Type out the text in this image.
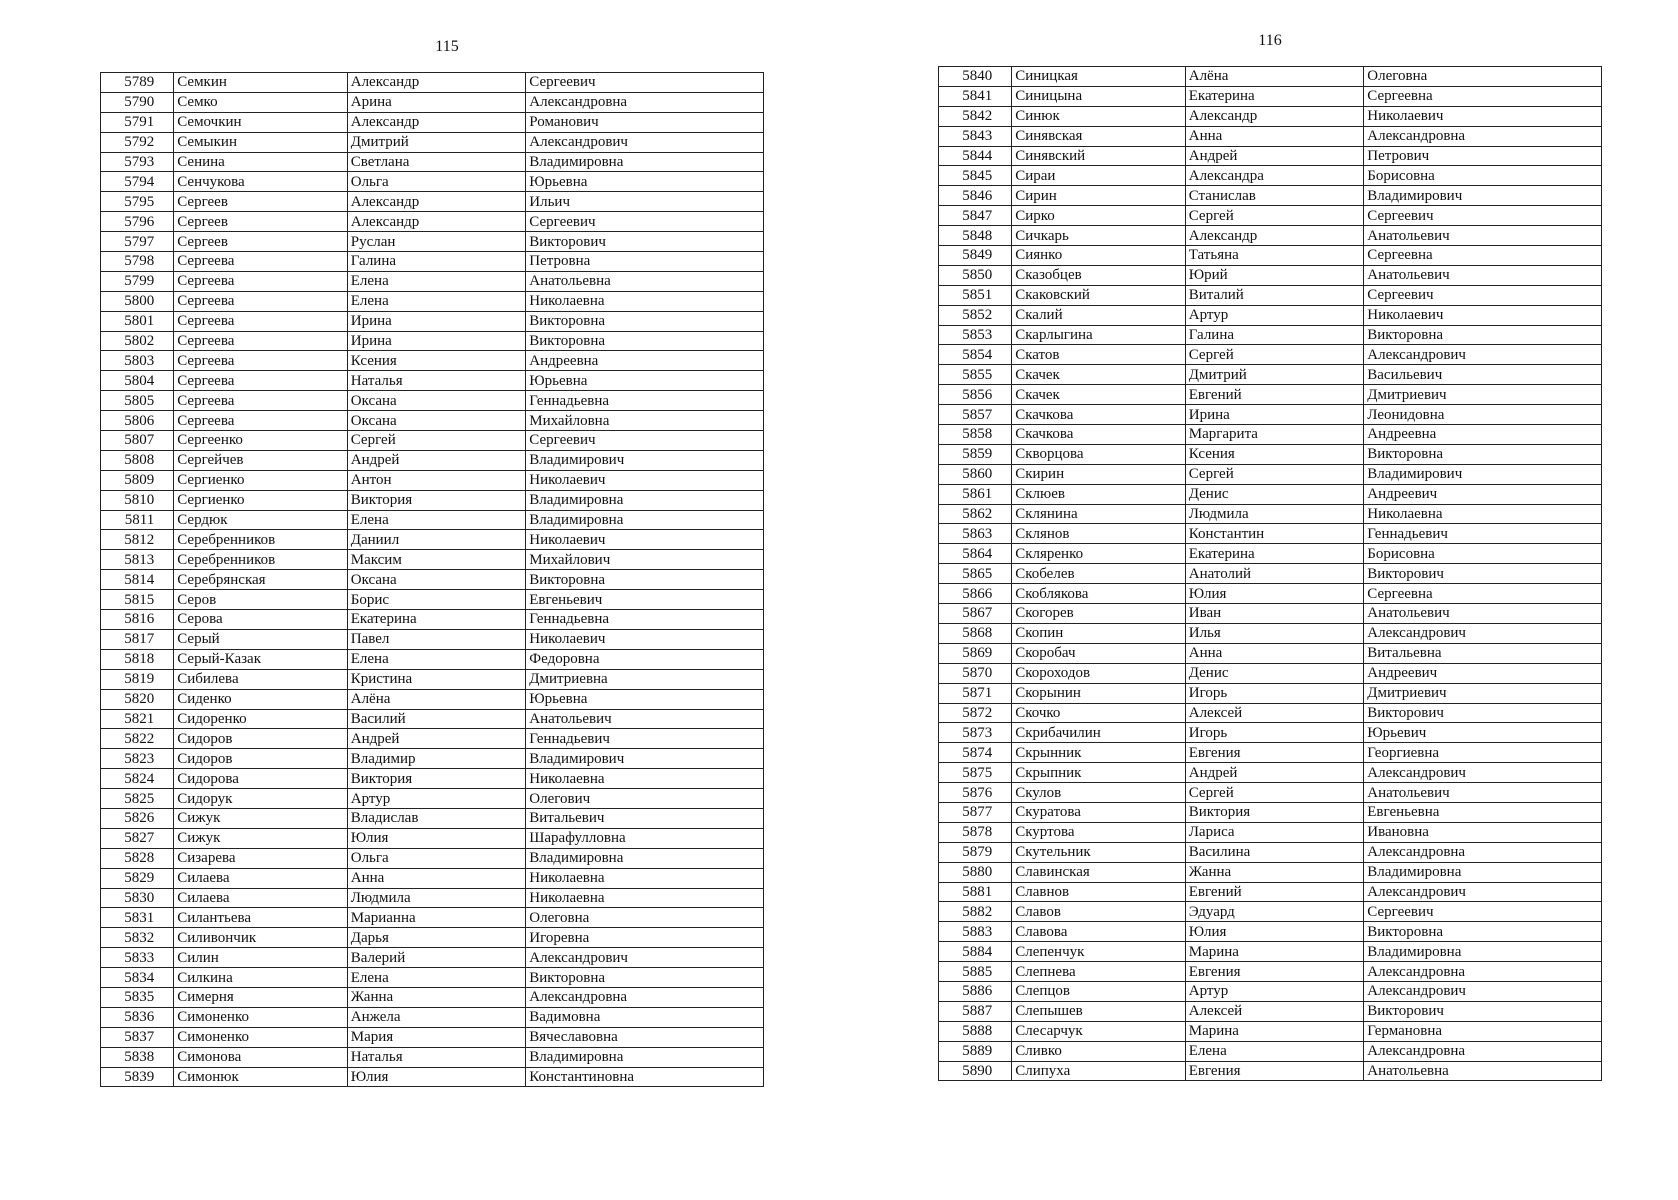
115
5789	Семкин	Александр	Сергеевич
5790	Семко	Арина	Александровна
5791	Семочкин	Александр	Романович
5792	Семыкин	Дмитрий	Александрович
5793	Сенина	Светлана	Владимировна
5794	Сенчукова	Ольга	Юрьевна
5795	Сергеев	Александр	Ильич
5796	Сергеев	Александр	Сергеевич
5797	Сергеев	Руслан	Викторович
5798	Сергеева	Галина	Петровна
5799	Сергеева	Елена	Анатольевна
5800	Сергеева	Елена	Николаевна
5801	Сергеева	Ирина	Викторовна
5802	Сергеева	Ирина	Викторовна
5803	Сергеева	Ксения	Андреевна
5804	Сергеева	Наталья	Юрьевна
5805	Сергеева	Оксана	Геннадьевна
5806	Сергеева	Оксана	Михайловна
5807	Сергеенко	Сергей	Сергеевич
5808	Сергейчев	Андрей	Владимирович
5809	Сергиенко	Антон	Николаевич
5810	Сергиенко	Виктория	Владимировна
5811	Сердюк	Елена	Владимировна
5812	Серебренников	Даниил	Николаевич
5813	Серебренников	Максим	Михайлович
5814	Серебрянская	Оксана	Викторовна
5815	Серов	Борис	Евгеньевич
5816	Серова	Екатерина	Геннадьевна
5817	Серый	Павел	Николаевич
5818	Серый-Казак	Елена	Федоровна
5819	Сибилева	Кристина	Дмитриевна
5820	Сиденко	Алёна	Юрьевна
5821	Сидоренко	Василий	Анатольевич
5822	Сидоров	Андрей	Геннадьевич
5823	Сидоров	Владимир	Владимирович
5824	Сидорова	Виктория	Николаевна
5825	Сидорук	Артур	Олегович
5826	Сижук	Владислав	Витальевич
5827	Сижук	Юлия	Шарафулловна
5828	Сизарева	Ольга	Владимировна
5829	Силаева	Анна	Николаевна
5830	Силаева	Людмила	Николаевна
5831	Силантьева	Марианна	Олеговна
5832	Силивончик	Дарья	Игоревна
5833	Силин	Валерий	Александрович
5834	Силкина	Елена	Викторовна
5835	Симерня	Жанна	Александровна
5836	Симоненко	Анжела	Вадимовна
5837	Симоненко	Мария	Вячеславовна
5838	Симонова	Наталья	Владимировна
5839	Симонюк	Юлия	Константиновна
116
5840	Синицкая	Алёна	Олеговна
5841	Синицына	Екатерина	Сергеевна
5842	Синюк	Александр	Николаевич
5843	Синявская	Анна	Александровна
5844	Синявский	Андрей	Петрович
5845	Сираи	Александра	Борисовна
5846	Сирин	Станислав	Владимирович
5847	Сирко	Сергей	Сергеевич
5848	Сичкарь	Александр	Анатольевич
5849	Сиянко	Татьяна	Сергеевна
5850	Сказобцев	Юрий	Анатольевич
5851	Скаковский	Виталий	Сергеевич
5852	Скалий	Артур	Николаевич
5853	Скарлыгина	Галина	Викторовна
5854	Скатов	Сергей	Александрович
5855	Скачек	Дмитрий	Васильевич
5856	Скачек	Евгений	Дмитриевич
5857	Скачкова	Ирина	Леонидовна
5858	Скачкова	Маргарита	Андреевна
5859	Скворцова	Ксения	Викторовна
5860	Скирин	Сергей	Владимирович
5861	Склюев	Денис	Андреевич
5862	Склянина	Людмила	Николаевна
5863	Склянов	Константин	Геннадьевич
5864	Скляренко	Екатерина	Борисовна
5865	Скобелев	Анатолий	Викторович
5866	Скоблякова	Юлия	Сергеевна
5867	Скогорев	Иван	Анатольевич
5868	Скопин	Илья	Александрович
5869	Скоробач	Анна	Витальевна
5870	Скороходов	Денис	Андреевич
5871	Скорынин	Игорь	Дмитриевич
5872	Скочко	Алексей	Викторович
5873	Скрибачилин	Игорь	Юрьевич
5874	Скрынник	Евгения	Георгиевна
5875	Скрыпник	Андрей	Александрович
5876	Скулов	Сергей	Анатольевич
5877	Скуратова	Виктория	Евгеньевна
5878	Скуртова	Лариса	Ивановна
5879	Скутельник	Василина	Александровна
5880	Славинская	Жанна	Владимировна
5881	Славнов	Евгений	Александрович
5882	Славов	Эдуард	Сергеевич
5883	Славова	Юлия	Викторовна
5884	Слепенчук	Марина	Владимировна
5885	Слепнева	Евгения	Александровна
5886	Слепцов	Артур	Александрович
5887	Слепышев	Алексей	Викторович
5888	Слесарчук	Марина	Германовна
5889	Сливко	Елена	Александровна
5890	Слипуха	Евгения	Анатольевна
